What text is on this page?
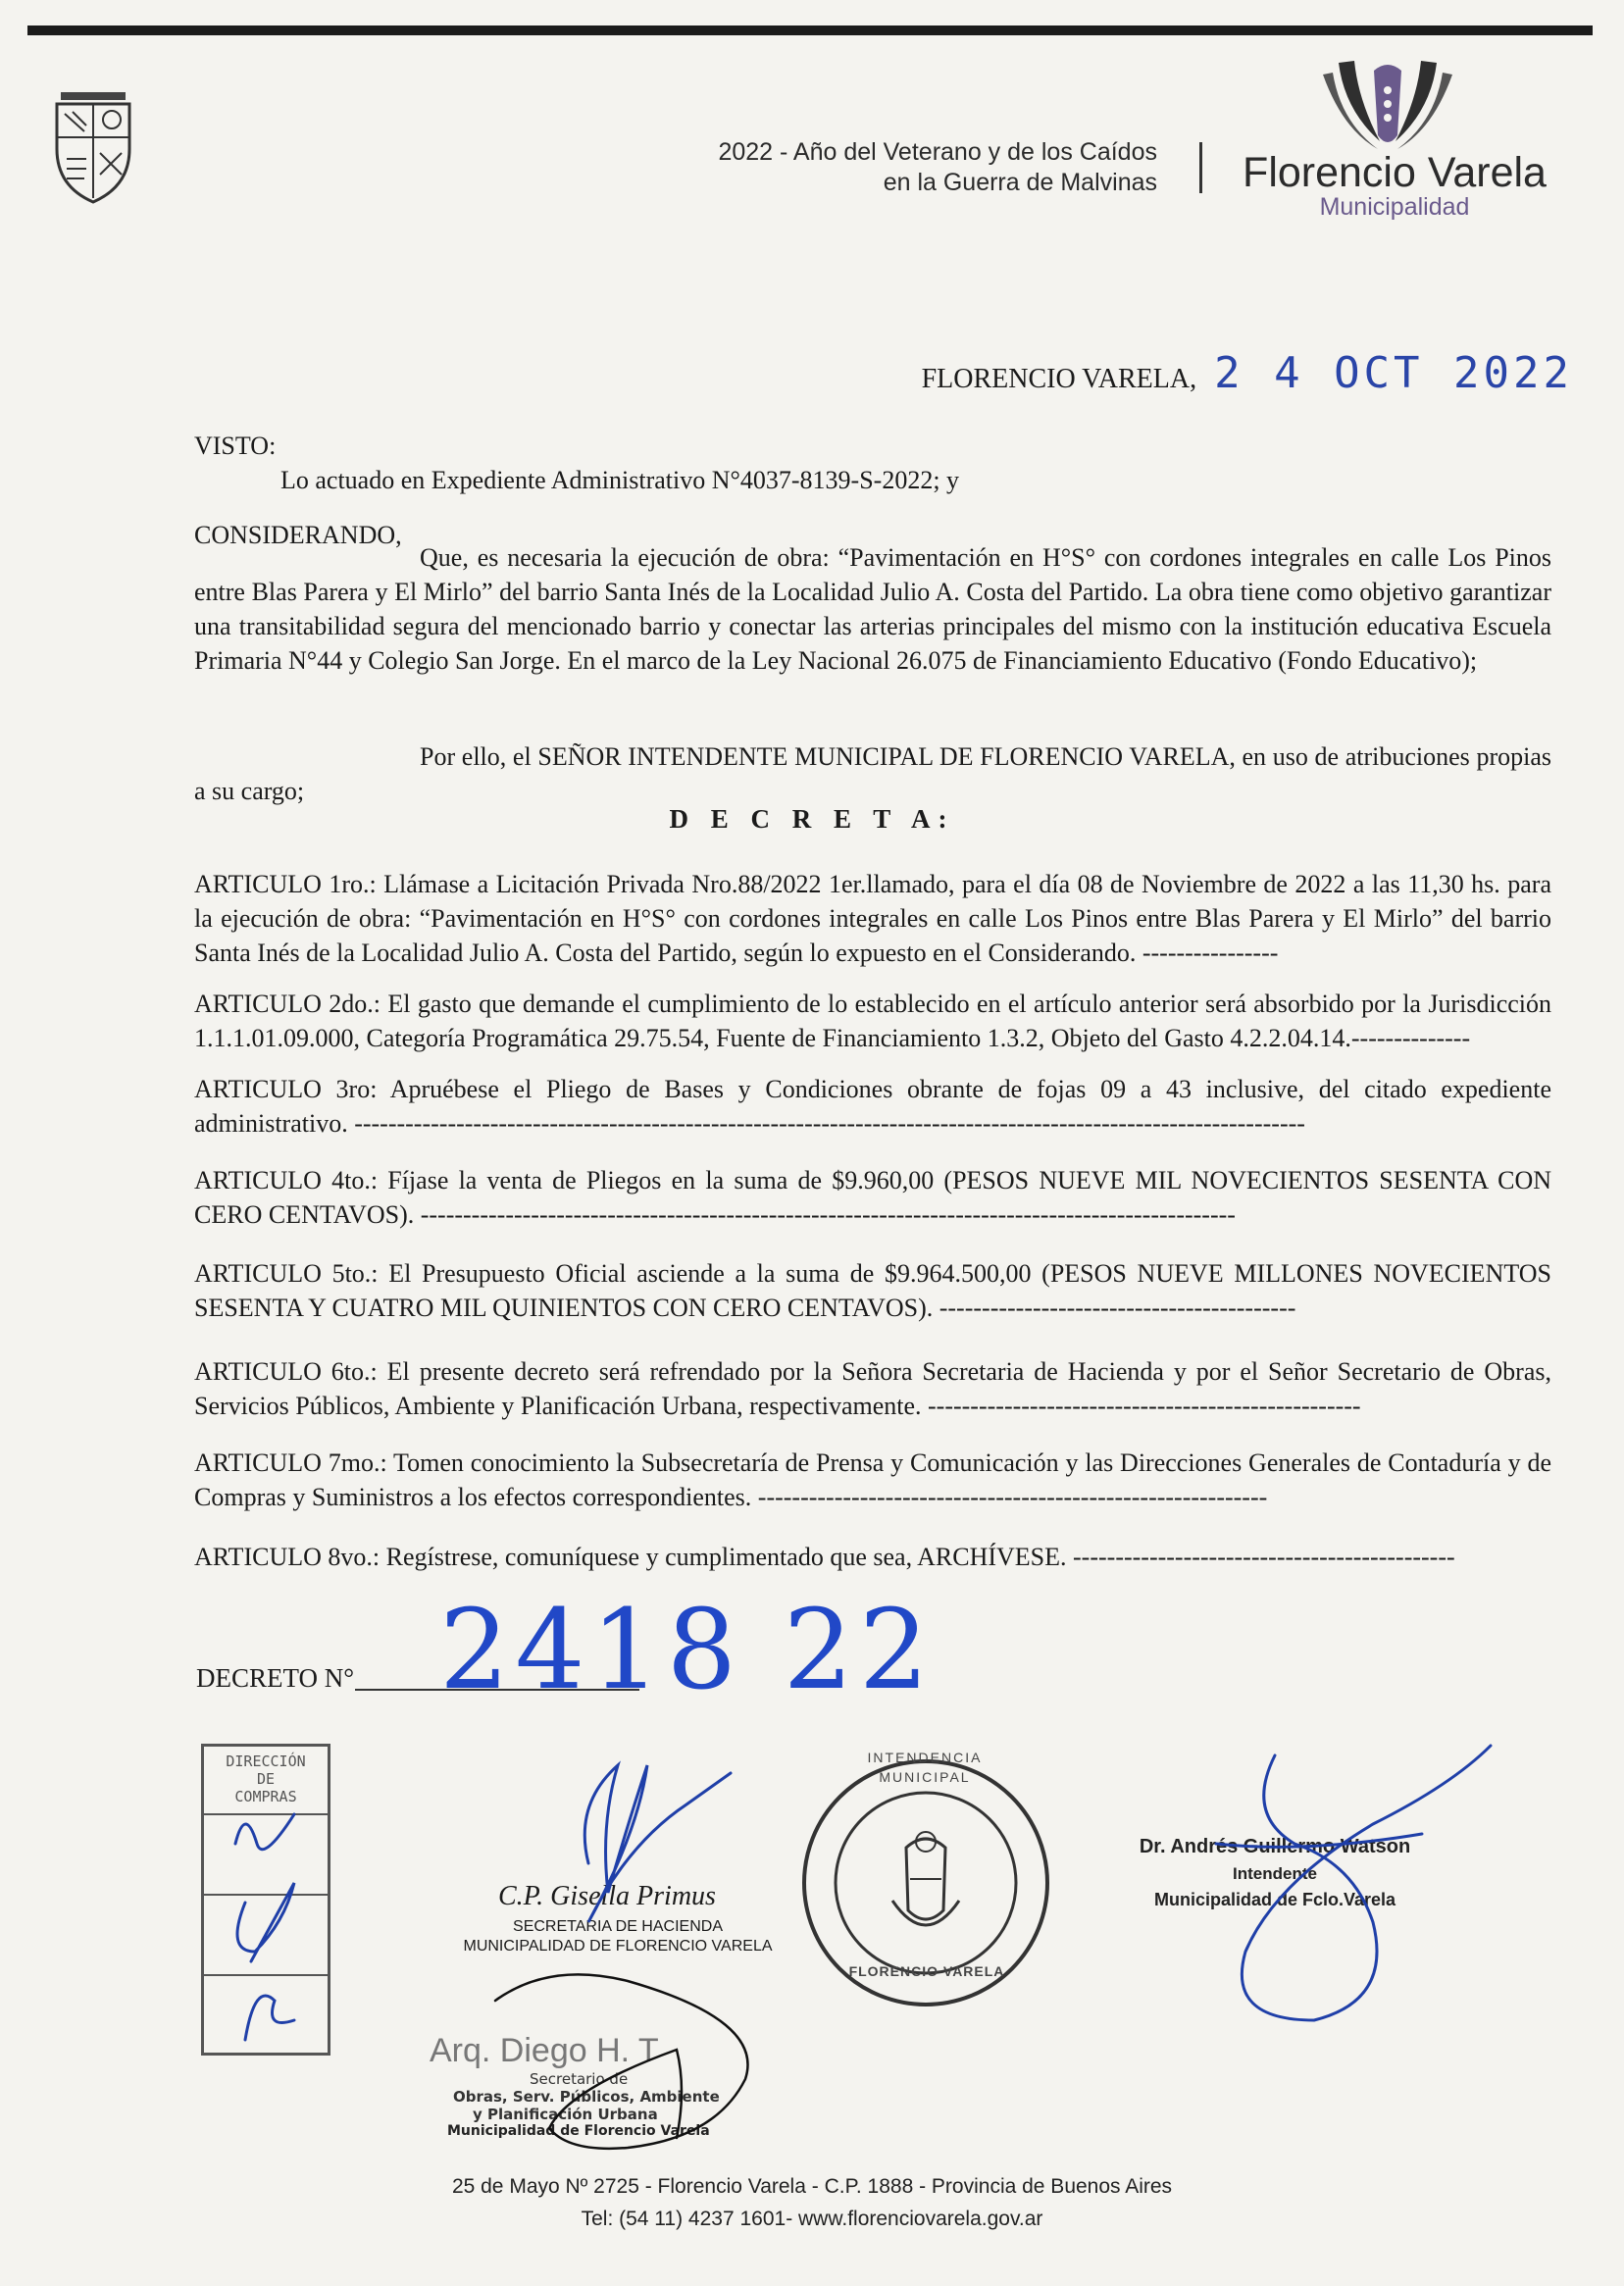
2022 - Año del Veterano y de los Caídos
en la Guerra de Malvinas Florencio Varela
Municipalidad
FLORENCIO VARELA, 2 4 OCT 2022
VISTO:
Lo actuado en Expediente Administrativo N°4037-8139-S-2022; y
CONSIDERANDO,
Que, es necesaria la ejecución de obra: “Pavimentación en H°S° con cordones integrales en calle Los Pinos entre Blas Parera y El Mirlo” del barrio Santa Inés de la Localidad Julio A. Costa del Partido. La obra tiene como objetivo garantizar una transitabilidad segura del mencionado barrio y conectar las arterias principales del mismo con la institución educativa Escuela Primaria N°44 y Colegio San Jorge. En el marco de la Ley Nacional 26.075 de Financiamiento Educativo (Fondo Educativo);
Por ello, el SEÑOR INTENDENTE MUNICIPAL DE FLORENCIO VARELA, en uso de atribuciones propias a su cargo;
D E C R E T A:
ARTICULO 1ro.: Llámase a Licitación Privada Nro.88/2022 1er.llamado, para el día 08 de Noviembre de 2022 a las 11,30 hs. para la ejecución de obra: “Pavimentación en H°S° con cordones integrales en calle Los Pinos entre Blas Parera y El Mirlo” del barrio Santa Inés de la Localidad Julio A. Costa del Partido, según lo expuesto en el Considerando. ----------------
ARTICULO 2do.: El gasto que demande el cumplimiento de lo establecido en el artículo anterior será absorbido por la Jurisdicción 1.1.1.01.09.000, Categoría Programática 29.75.54, Fuente de Financiamiento 1.3.2, Objeto del Gasto 4.2.2.04.14.--------------
ARTICULO 3ro: Apruébese el Pliego de Bases y Condiciones obrante de fojas 09 a 43 inclusive, del citado expediente administrativo. ----------------------------------------------------------------------------------------------------------------
ARTICULO 4to.: Fíjase la venta de Pliegos en la suma de $9.960,00 (PESOS NUEVE MIL NOVECIENTOS SESENTA CON CERO CENTAVOS). ------------------------------------------------------------------------------------------------
ARTICULO 5to.: El Presupuesto Oficial asciende a la suma de $9.964.500,00 (PESOS NUEVE MILLONES NOVECIENTOS SESENTA Y CUATRO MIL QUINIENTOS CON CERO CENTAVOS). ------------------------------------------
ARTICULO 6to.: El presente decreto será refrendado por la Señora Secretaria de Hacienda y por el Señor Secretario de Obras, Servicios Públicos, Ambiente y Planificación Urbana, respectivamente. ---------------------------------------------------
ARTICULO 7mo.: Tomen conocimiento la Subsecretaría de Prensa y Comunicación y las Direcciones Generales de Contaduría y de Compras y Suministros a los efectos correspondientes. ------------------------------------------------------------
ARTICULO 8vo.: Regístrese, comuníquese y cumplimentado que sea, ARCHÍVESE. ---------------------------------------------
DECRETO N° 2418 22
DIRECCIÓN
DE
COMPRAS
C.P. Gisella Primus
SECRETARIA DE HACIENDA
MUNICIPALIDAD DE FLORENCIO VARELA
INTENDENCIA MUNICIPAL
FLORENCIO VARELA
Dr. Andrés Guillermo Watson
Intendente
Municipalidad de Fclo.Varela
Arq. Diego H. T
Secretario de
Obras, Serv. Públicos, Ambiente
y Planificación Urbana
Municipalidad de Florencio Varela
25 de Mayo Nº 2725 - Florencio Varela - C.P. 1888 - Provincia de Buenos Aires
Tel: (54 11) 4237 1601- www.florenciovarela.gov.ar
